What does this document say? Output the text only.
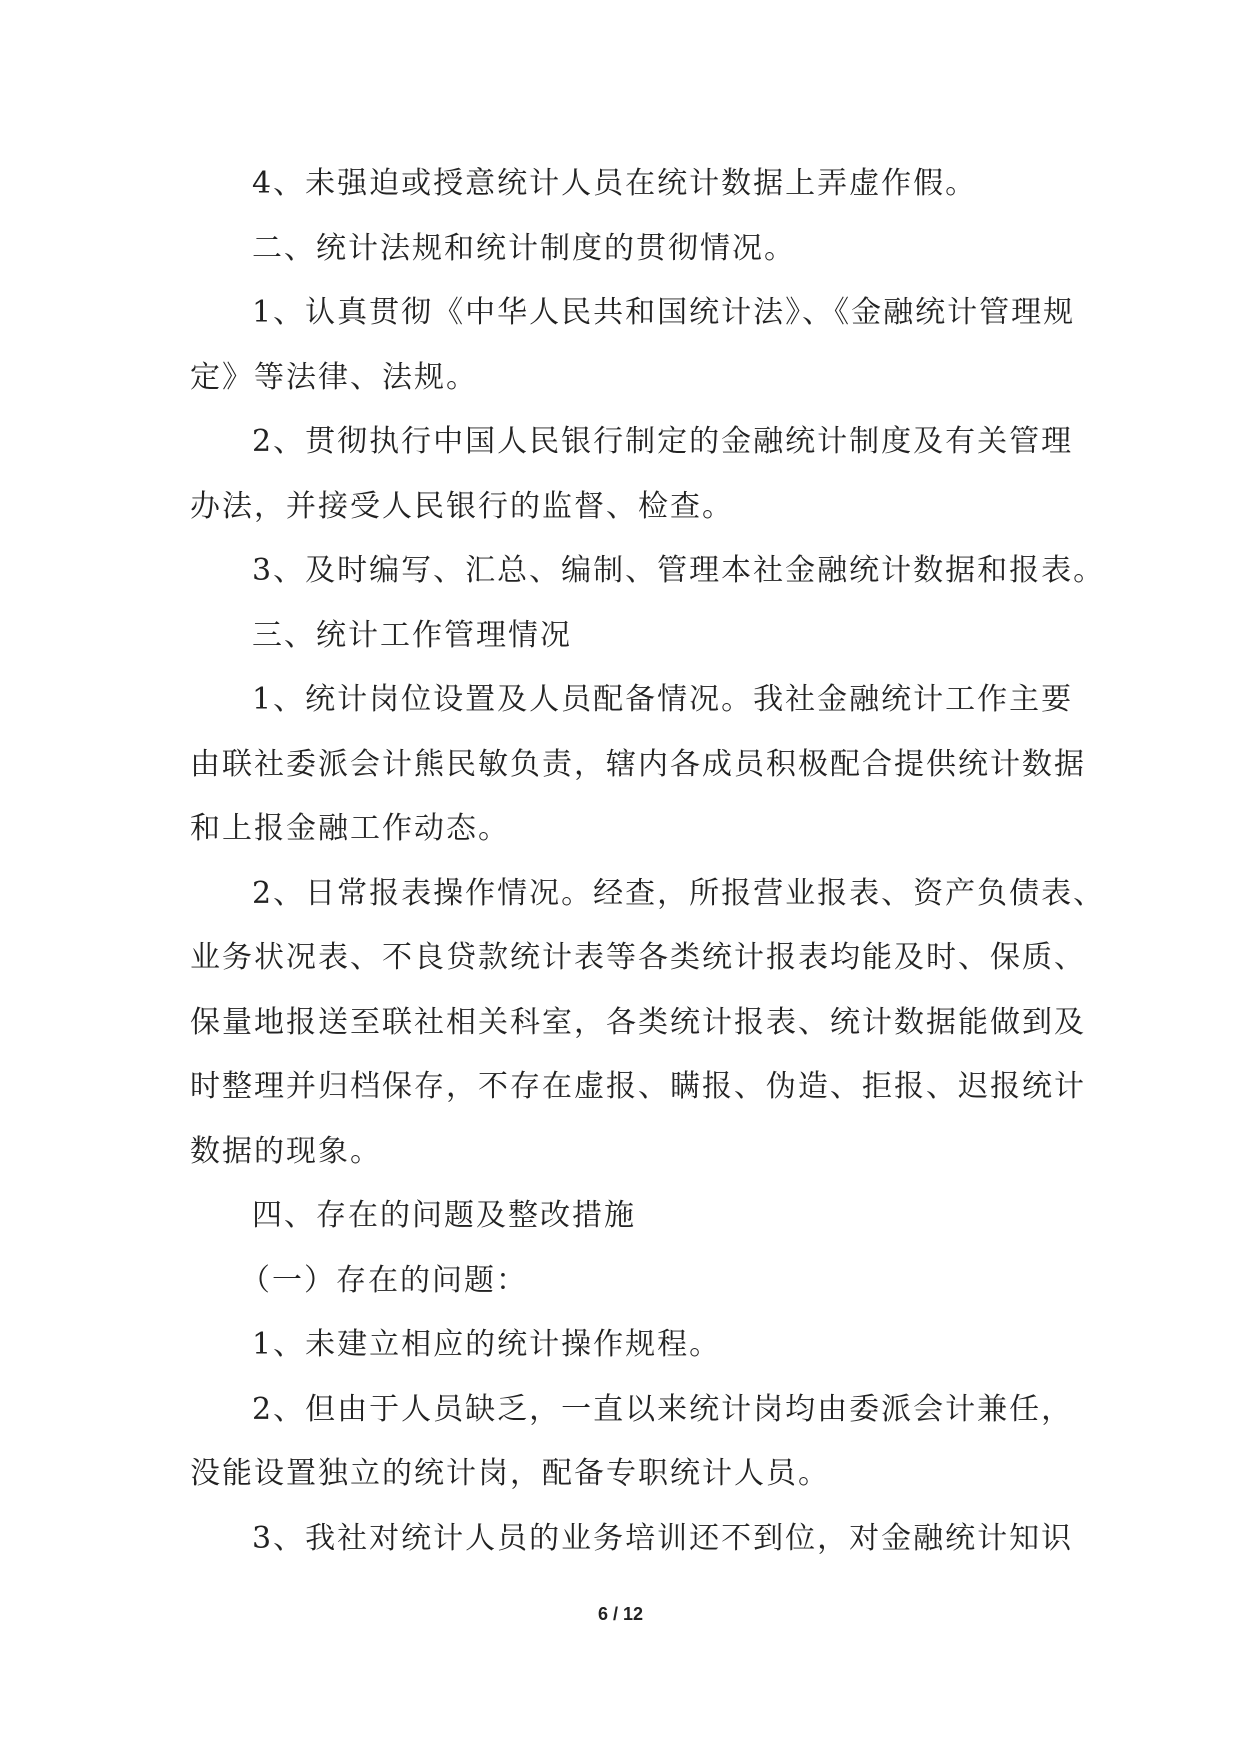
4、未强迫或授意统计人员在统计数据上弄虚作假。

二、统计法规和统计制度的贯彻情况。

1、认真贯彻《中华人民共和国统计法》、《金融统计管理规

定》等法律、法规。

2、贯彻执行中国人民银行制定的金融统计制度及有关管理

办法，并接受人民银行的监督、检查。

3、及时编写、汇总、编制、管理本社金融统计数据和报表。

三、统计工作管理情况

1、统计岗位设置及人员配备情况。我社金融统计工作主要

由联社委派会计熊民敏负责，辖内各成员积极配合提供统计数据

和上报金融工作动态。

2、日常报表操作情况。经查，所报营业报表、资产负债表、

业务状况表、不良贷款统计表等各类统计报表均能及时、保质、

保量地报送至联社相关科室，各类统计报表、统计数据能做到及

时整理并归档保存，不存在虚报、瞒报、伪造、拒报、迟报统计

数据的现象。

四、存在的问题及整改措施

（一）存在的问题：

1、未建立相应的统计操作规程。

2、但由于人员缺乏，一直以来统计岗均由委派会计兼任，

没能设置独立的统计岗，配备专职统计人员。

3、我社对统计人员的业务培训还不到位，对金融统计知识

6 / 12
